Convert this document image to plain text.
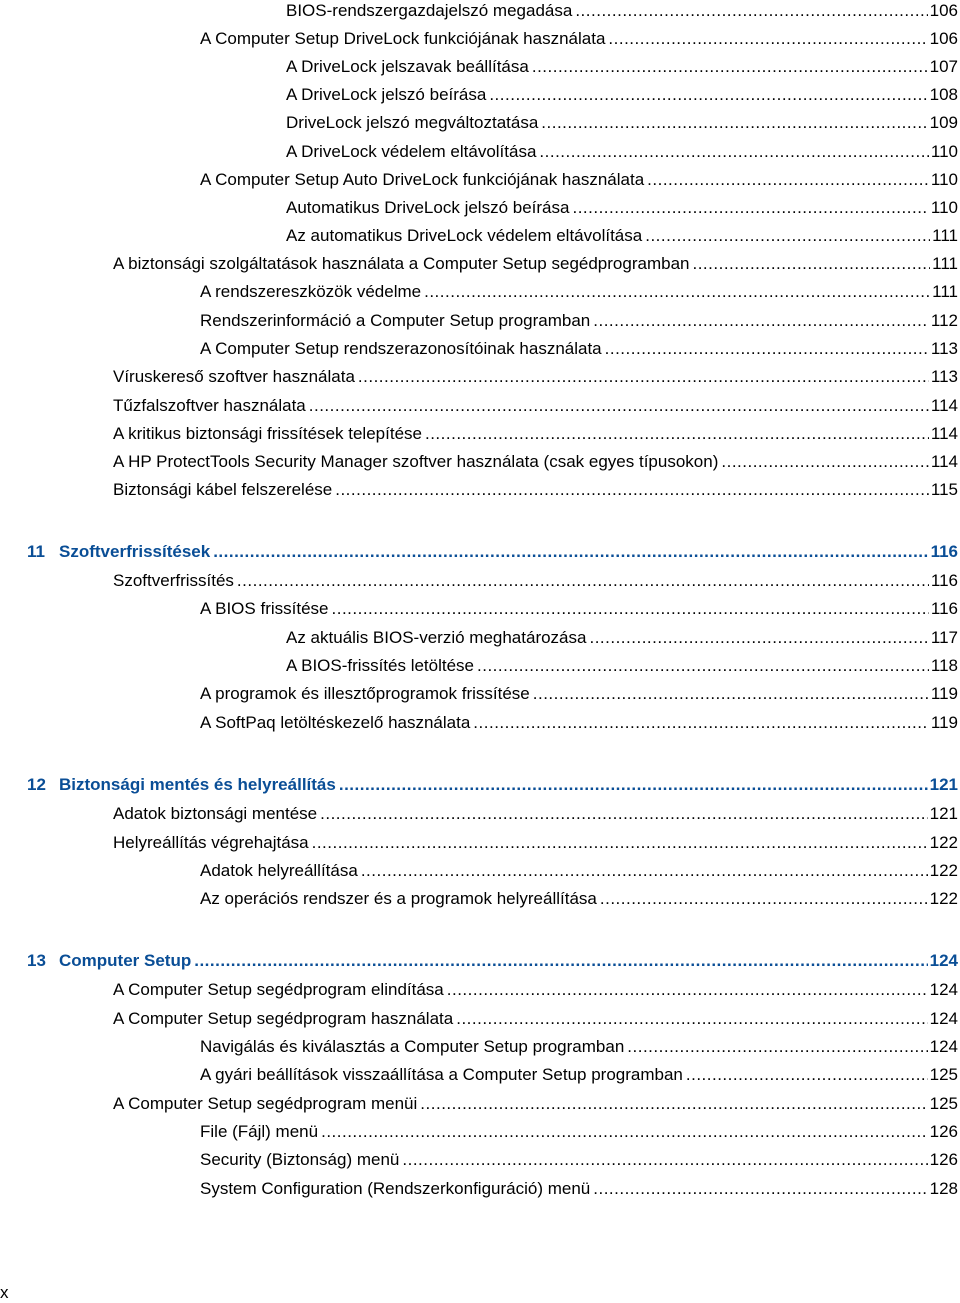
BIOS-rendszergazdajelszó megadása .....	106
A Computer Setup DriveLock funkciójának használata .....	106
A DriveLock jelszavak beállítása .....	107
A DriveLock jelszó beírása .....	108
DriveLock jelszó megváltoztatása .....	109
A DriveLock védelem eltávolítása .....	110
A Computer Setup Auto DriveLock funkciójának használata .....	110
Automatikus DriveLock jelszó beírása .....	110
Az automatikus DriveLock védelem eltávolítása .....	111
A biztonsági szolgáltatások használata a Computer Setup segédprogramban .....	111
A rendszereszközök védelme .....	111
Rendszerinformáció a Computer Setup programban .....	112
A Computer Setup rendszerazonosítóinak használata .....	113
Víruskereső szoftver használata .....	113
Tűzfalszoftver használata .....	114
A kritikus biztonsági frissítések telepítése .....	114
A HP ProtectTools Security Manager szoftver használata (csak egyes típusokon) .....	114
Biztonsági kábel felszerelése .....	115
11 Szoftverfrissítések .....	116
Szoftverfrissítés .....	116
A BIOS frissítése .....	116
Az aktuális BIOS-verzió meghatározása .....	117
A BIOS-frissítés letöltése .....	118
A programok és illesztőprogramok frissítése .....	119
A SoftPaq letöltéskezelő használata .....	119
12 Biztonsági mentés és helyreállítás .....	121
Adatok biztonsági mentése .....	121
Helyreállítás végrehajtása .....	122
Adatok helyreállítása .....	122
Az operációs rendszer és a programok helyreállítása .....	122
13 Computer Setup .....	124
A Computer Setup segédprogram elindítása .....	124
A Computer Setup segédprogram használata .....	124
Navigálás és kiválasztás a Computer Setup programban .....	124
A gyári beállítások visszaállítása a Computer Setup programban .....	125
A Computer Setup segédprogram menüi .....	125
File (Fájl) menü .....	126
Security (Biztonság) menü .....	126
System Configuration (Rendszerkonfiguráció) menü .....	128
x
